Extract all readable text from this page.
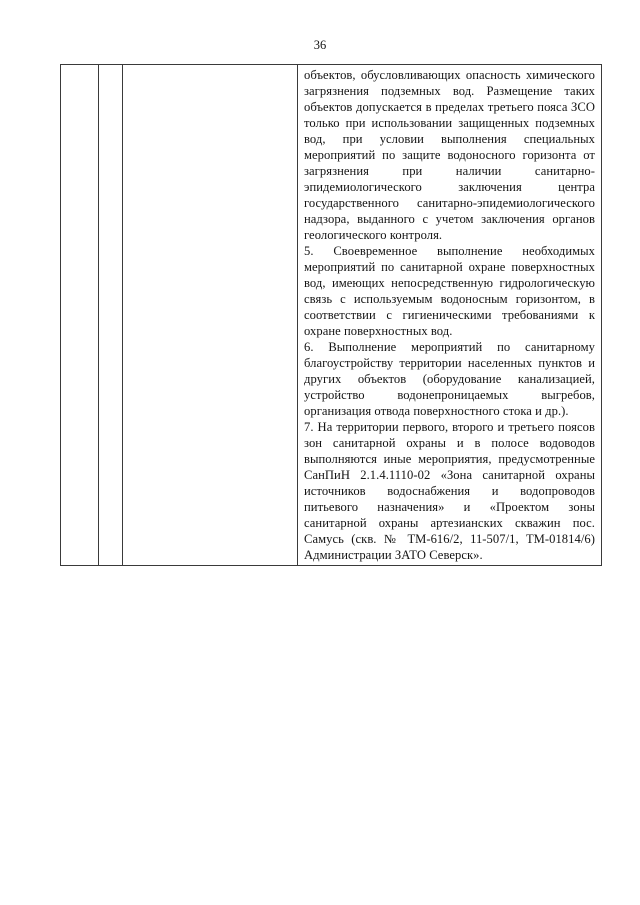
36

объектов, обусловливающих опасность химического загрязнения подземных вод. Размещение таких объектов допускается в пределах третьего пояса ЗСО только при использовании защищенных подземных вод, при условии выполнения специальных мероприятий по защите водоносного горизонта от загрязнения при наличии санитарно-эпидемиологического заключения центра государственного санитарно-эпидемиологического надзора, выданного с учетом заключения органов геологического контроля.

5. Своевременное выполнение необходимых мероприятий по санитарной охране поверхностных вод, имеющих непосредственную гидрологическую связь с используемым водоносным горизонтом, в соответствии с гигиеническими требованиями к охране поверхностных вод.

6. Выполнение мероприятий по санитарному благоустройству территории населенных пунктов и других объектов (оборудование канализацией, устройство водонепроницаемых выгребов, организация отвода поверхностного стока и др.).

7. На территории первого, второго и третьего поясов зон санитарной охраны и в полосе водоводов выполняются иные мероприятия, предусмотренные СанПиН 2.1.4.1110-02 «Зона санитарной охраны источников водоснабжения и водопроводов питьевого назначения» и «Проектом зоны санитарной охраны артезианских скважин пос. Самусь (скв. № ТМ-616/2, 11-507/1, ТМ-01814/6) Администрации ЗАТО Северск».
